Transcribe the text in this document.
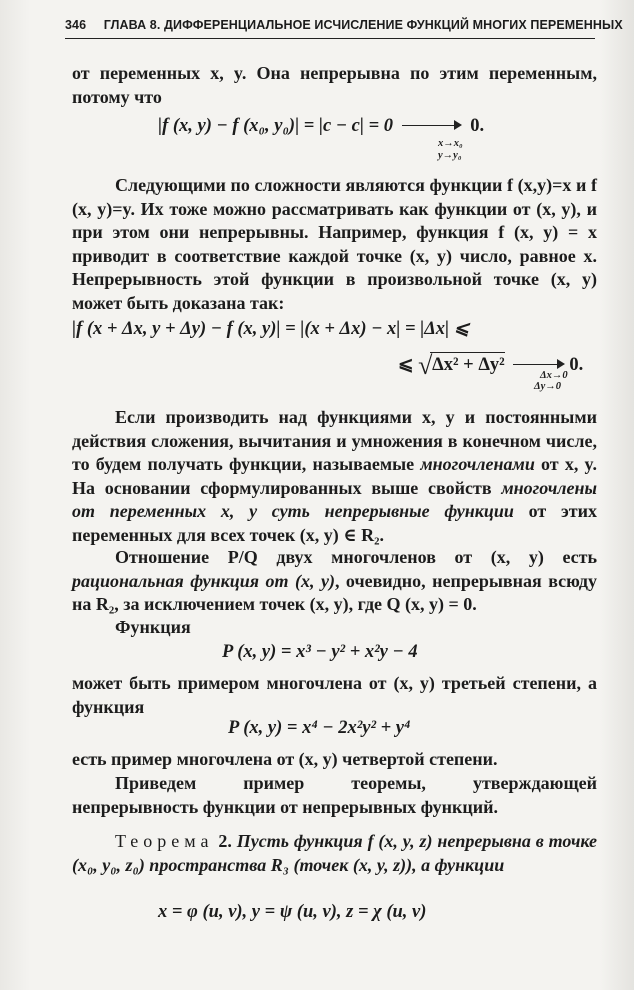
346 ГЛАВА 8. ДИФФЕРЕНЦИАЛЬНОЕ ИСЧИСЛЕНИЕ ФУНКЦИЙ МНОГИХ ПЕРЕМЕННЫХ
от переменных x, y. Она непрерывна по этим переменным, потому что
|f (x, y) − f (x₀, y₀)| = |c − c| = 0	0.
x→x₀
y→y₀
Следующими по сложности являются функции f (x,y)=x и f (x, y)=y. Их тоже можно рассматривать как функции от (x, y), и при этом они непрерывны. Например, функция f (x, y) = x приводит в соответствие каждой точке (x, y) число, равное x. Непрерывность этой функции в произвольной точке (x, y) может быть доказана так:
|f (x + Δx, y + Δy) − f (x, y)| = |(x + Δx) − x| = |Δx| ⩽
⩽ √ Δx² + Δy²	0.
Δx→0
Δy→0
Если производить над функциями x, y и постоянными действия сложения, вычитания и умножения в конечном числе, то будем получать функции, называемые многочленами от x, y. На основании сформулированных выше свойств многочлены от переменных x, y суть непрерывные функции от этих переменных для всех точек (x, y) ∈ R₂.
Отношение P/Q двух многочленов от (x, y) есть рациональная функция от (x, y), очевидно, непрерывная всюду на R₂, за исключением точек (x, y), где Q (x, y) = 0.
Функция
P (x, y) = x³ − y² + x²y − 4
может быть примером многочлена от (x, y) третьей степени, а функция
P (x, y) = x⁴ − 2x²y² + y⁴
есть пример многочлена от (x, y) четвертой степени.
Приведем пример теоремы, утверждающей непрерывность функции от непрерывных функций.
Теорема 2. Пусть функция f (x, y, z) непрерывна в точке (x₀, y₀, z₀) пространства R₃ (точек (x, y, z)), а функции
x = φ (u, v), y = ψ (u, v), z = χ (u, v)
